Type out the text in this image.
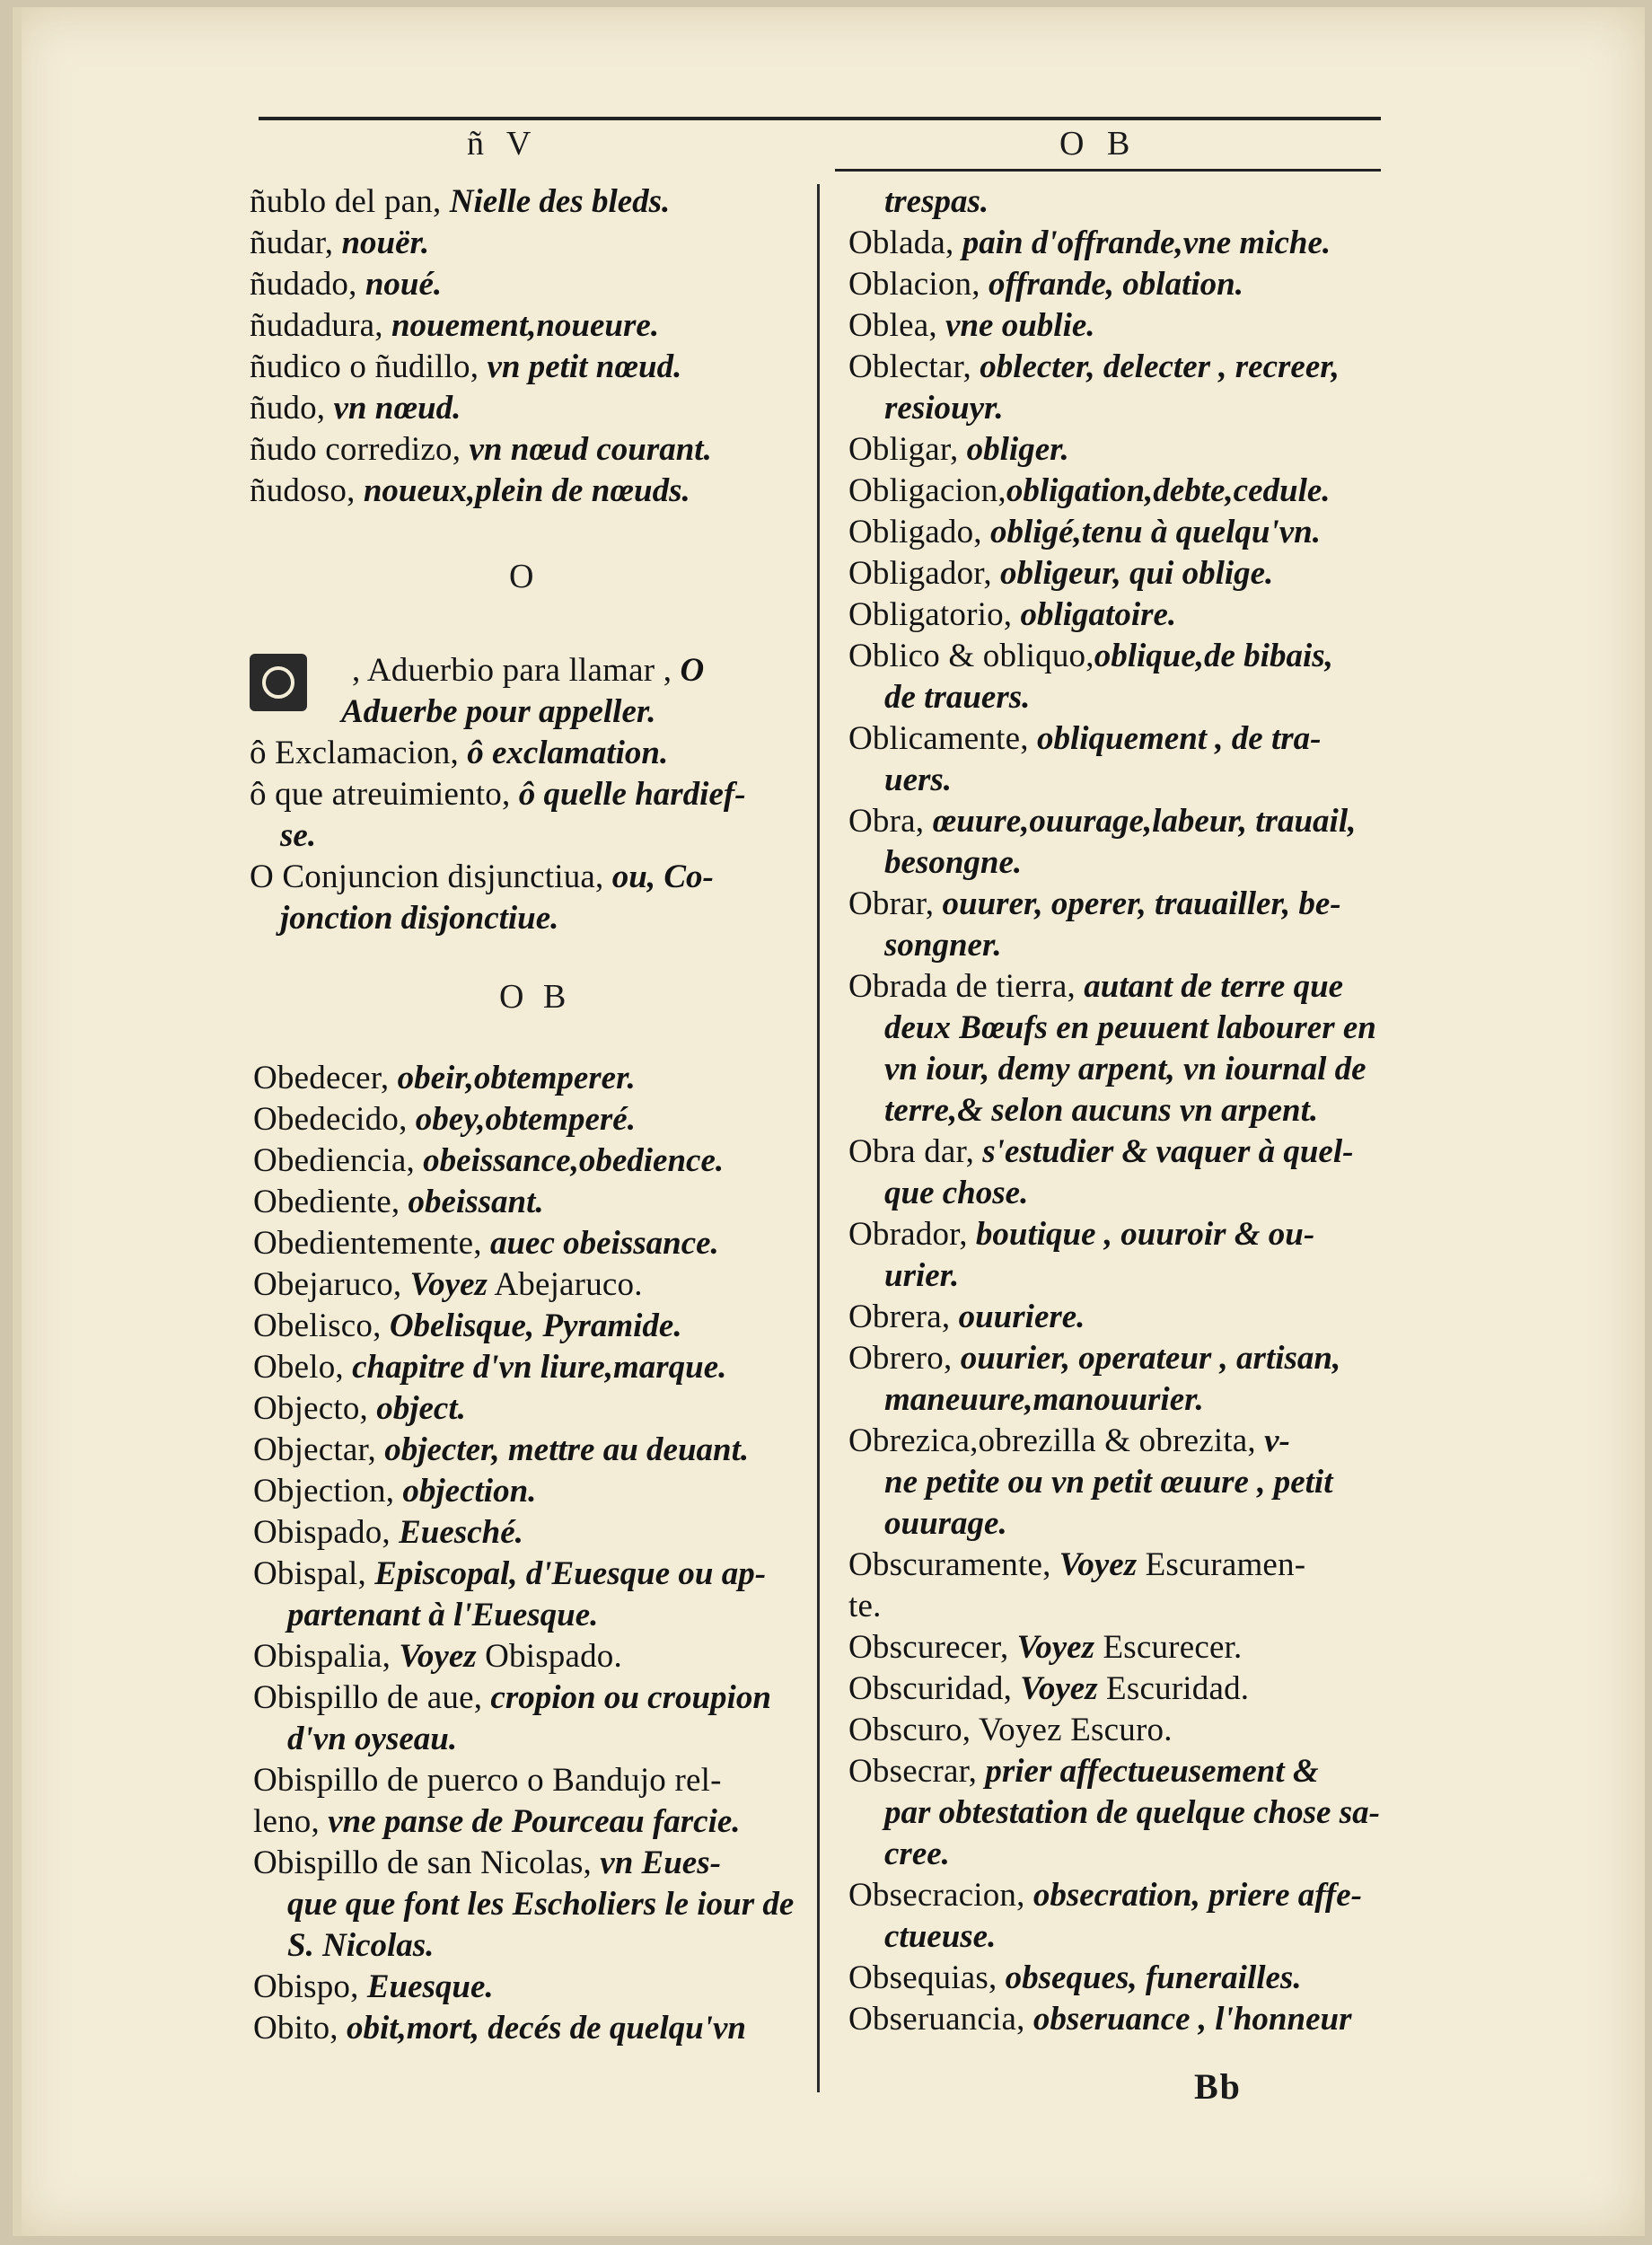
ñ V	O B
ñublo del pan, Nielle des bleds.
ñudar, nouër.
ñudado, noué.
ñudadura, nouement,noueure.
ñudico o ñudillo, vn petit nœud.
ñudo, vn nœud.
ñudo corredizo, vn nœud courant.
ñudoso, noueux,plein de nœuds.
, Aduerbio para llamar , O
Aduerbe pour appeller.
ô Exclamacion, ô exclamation.
ô que atreuimiento, ô quelle hardief-
se.
O Conjuncion disjunctiua, ou, Co-
jonction disjonctiue.
Obedecer, obeir,obtemperer.
Obedecido, obey,obtemperé.
Obediencia, obeissance,obedience.
Obediente, obeissant.
Obedientemente, auec obeissance.
Obejaruco, Voyez Abejaruco.
Obelisco, Obelisque, Pyramide.
Obelo, chapitre d'vn liure,marque.
Objecto, object.
Objectar, objecter, mettre au deuant.
Objection, objection.
Obispado, Euesché.
Obispal, Episcopal, d'Euesque ou ap-
partenant à l'Euesque.
Obispalia, Voyez Obispado.
Obispillo de aue, cropion ou croupion
d'vn oyseau.
Obispillo de puerco o Bandujo rel-
leno, vne panse de Pourceau farcie.
Obispillo de san Nicolas, vn Eues-
que que font les Escholiers le iour de
S. Nicolas.
Obispo, Euesque.
Obito, obit,mort, decés de quelqu'vn
trespas.
Oblada, pain d'offrande,vne miche.
Oblacion, offrande, oblation.
Oblea, vne oublie.
Oblectar, oblecter, delecter , recreer,
resiouyr.
Obligar, obliger.
Obligacion,obligation,debte,cedule.
Obligado, obligé,tenu à quelqu'vn.
Obligador, obligeur, qui oblige.
Obligatorio, obligatoire.
Oblico & obliquo,oblique,de bibais,
de trauers.
Oblicamente, obliquement , de tra-
uers.
Obra, œuure,ouurage,labeur, trauail,
besongne.
Obrar, ouurer, operer, trauailler, be-
songner.
Obrada de tierra, autant de terre que
deux Bœufs en peuuent labourer en
vn iour, demy arpent, vn iournal de
terre,& selon aucuns vn arpent.
Obra dar, s'estudier & vaquer à quel-
que chose.
Obrador, boutique , ouuroir & ou-
urier.
Obrera, ouuriere.
Obrero, ouurier, operateur , artisan,
maneuure,manouurier.
Obrezica,obrezilla & obrezita, v-
ne petite ou vn petit œuure , petit
ouurage.
Obscuramente, Voyez Escuramen-
te.
Obscurecer, Voyez Escurecer.
Obscuridad, Voyez Escuridad.
Obscuro, Voyez Escuro.
Obsecrar, prier affectueusement &
par obtestation de quelque chose sa-
cree.
Obsecracion, obsecration, priere affe-
ctueuse.
Obsequias, obseques, funerailles.
Obseruancia, obseruance , l'honneur
O
O B
Bb
